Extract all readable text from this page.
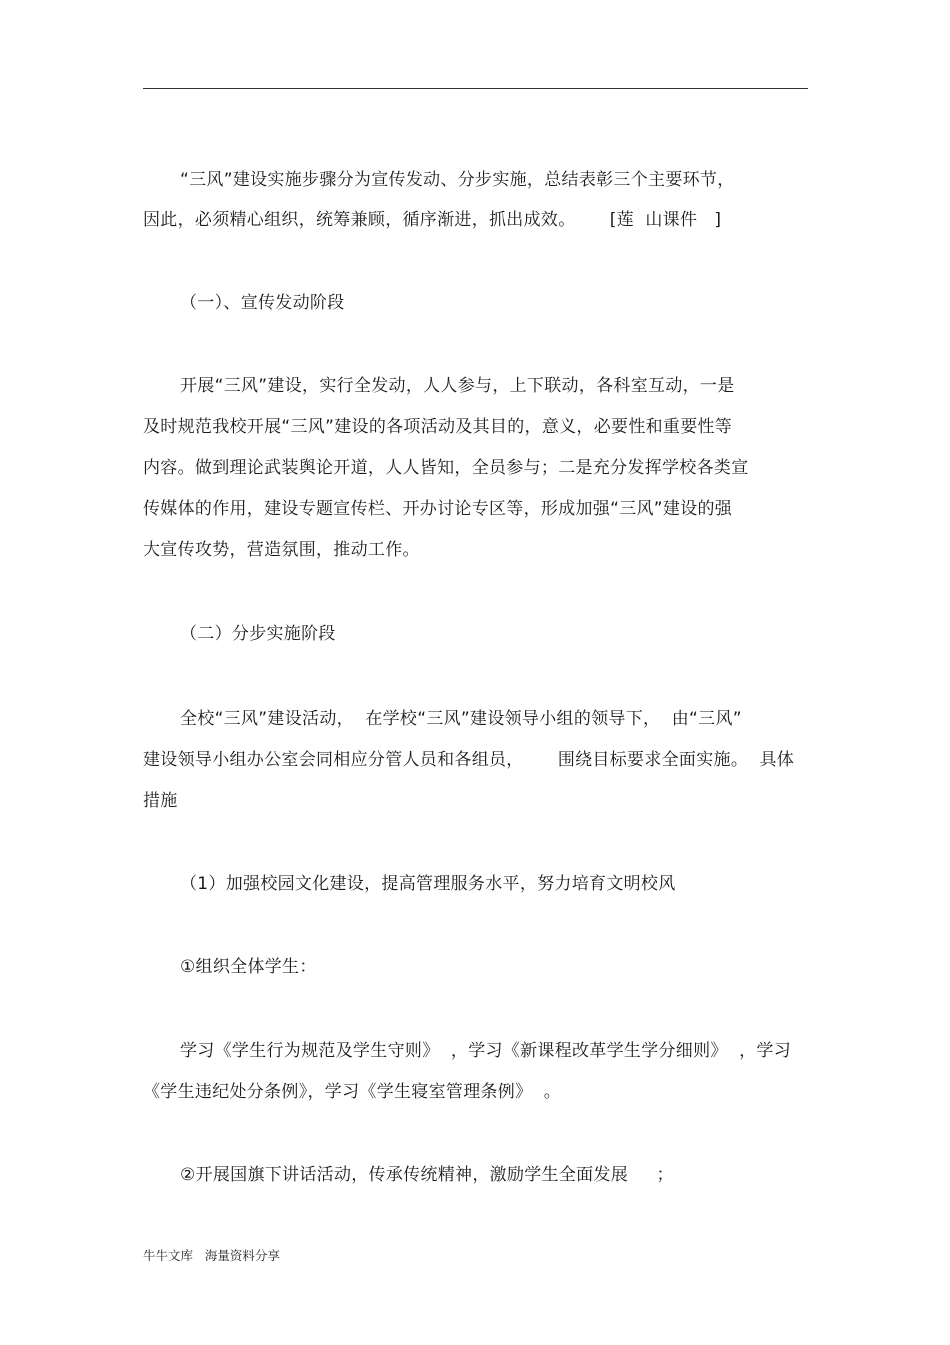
“三风”建设实施步骤分为宣传发动、分步实施，总结表彰三个主要环节，
因此，必须精心组织，统筹兼顾，循序渐进，抓出成效。      [莲  山课件   ]
（一）、宣传发动阶段
开展“三风”建设，实行全发动，人人参与，上下联动，各科室互动，一是
及时规范我校开展“三风”建设的各项活动及其目的，意义，必要性和重要性等
内容。做到理论武装舆论开道，人人皆知，全员参与；二是充分发挥学校各类宣
传媒体的作用，建设专题宣传栏、开办讨论专区等，形成加强“三风”建设的强
大宣传攻势，营造氛围，推动工作。
（二）分步实施阶段
全校“三风”建设活动，  在学校“三风”建设领导小组的领导下，  由“三风”
建设领导小组办公室会同相应分管人员和各组员，      围绕目标要求全面实施。  具体
措施
（1）加强校园文化建设，提高管理服务水平，努力培育文明校风
①组织全体学生：
学习《学生行为规范及学生守则》  ，学习《新课程改革学生学分细则》  ，学习
《学生违纪处分条例》，学习《学生寝室管理条例》  。
②开展国旗下讲话活动，传承传统精神，激励学生全面发展     ；
牛牛文库   海量资料分享
